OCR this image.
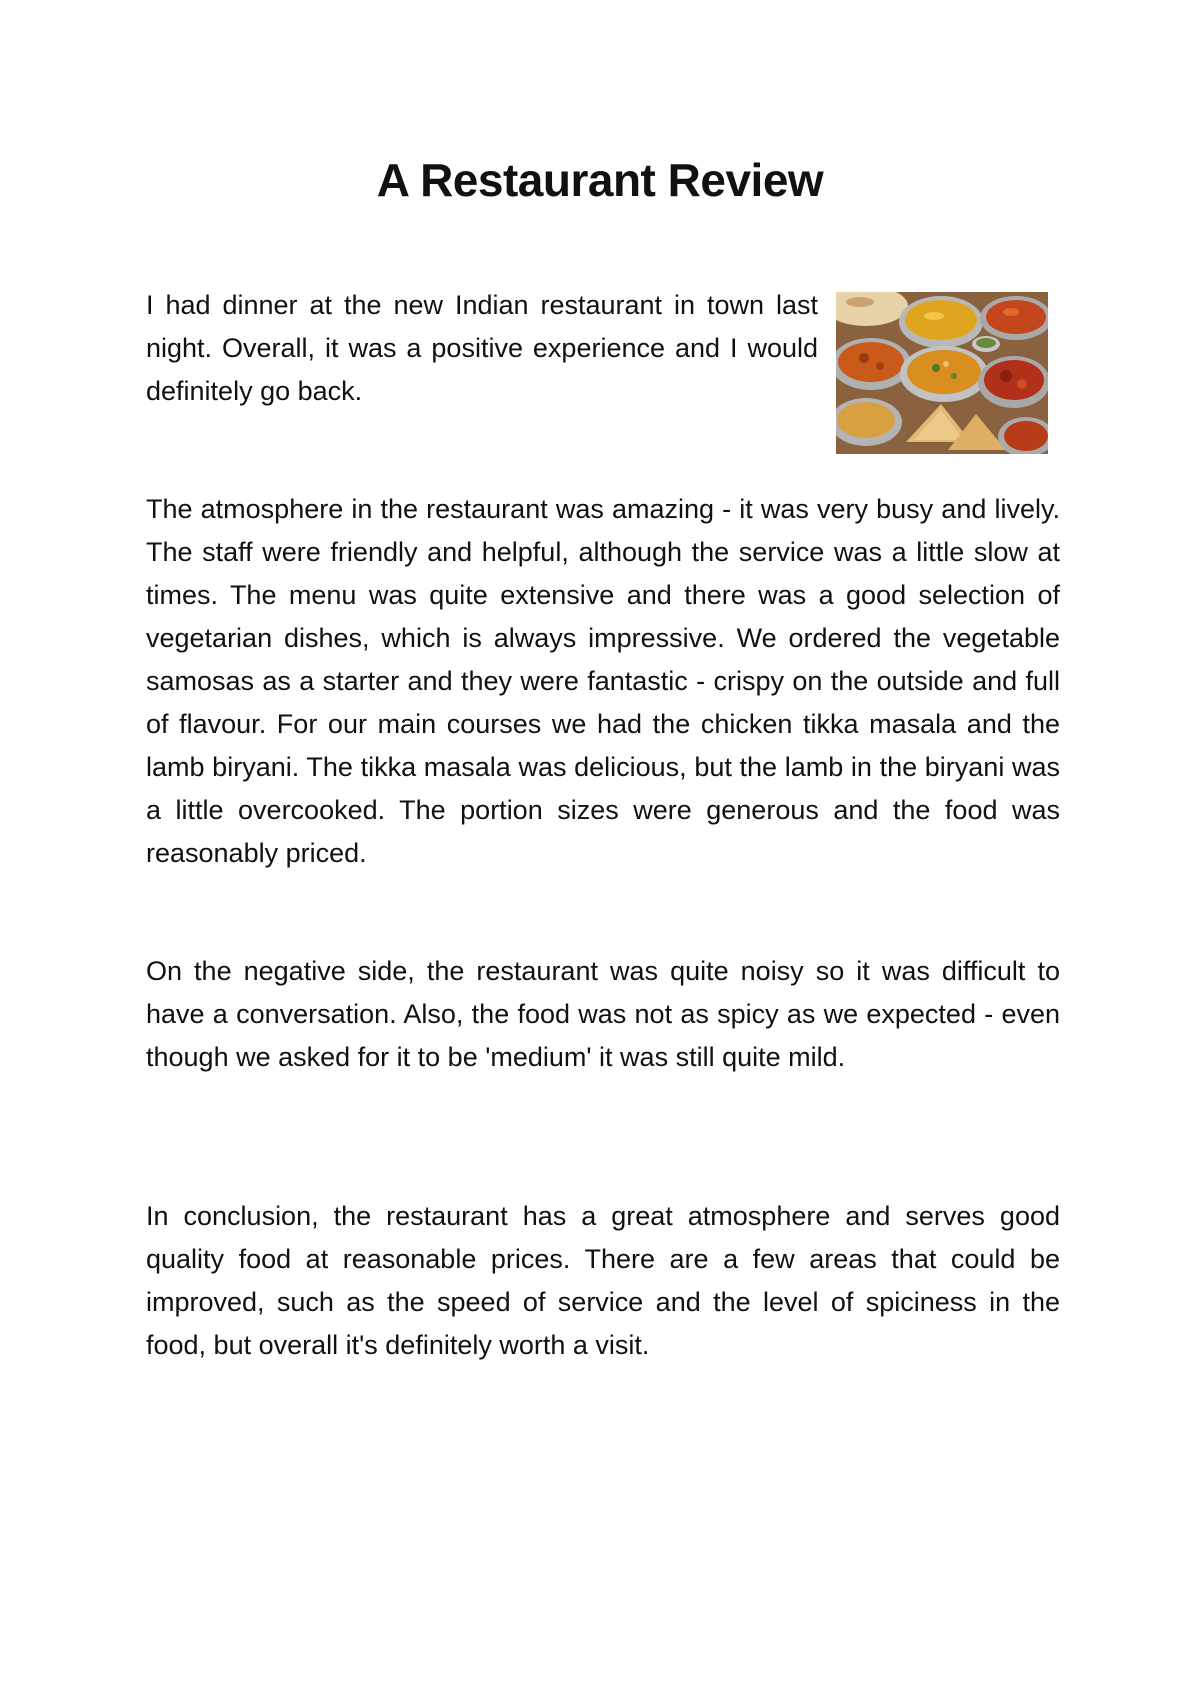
A Restaurant Review

I had dinner at the new Indian restaurant in town last night. Overall, it was a positive experience and I would definitely go back.

The atmosphere in the restaurant was amazing - it was very busy and lively. The staff were friendly and helpful, although the service was a little slow at times. The menu was quite extensive and there was a good selection of vegetarian dishes, which is always impressive. We ordered the vegetable samosas as a starter and they were fantastic - crispy on the outside and full of flavour. For our main courses we had the chicken tikka masala and the lamb biryani. The tikka masala was delicious, but the lamb in the biryani was a little overcooked. The portion sizes were generous and the food was reasonably priced.

On the negative side, the restaurant was quite noisy so it was difficult to have a conversation. Also, the food was not as spicy as we expected - even though we asked for it to be 'medium' it was still quite mild.

In conclusion, the restaurant has a great atmosphere and serves good quality food at reasonable prices. There are a few areas that could be improved, such as the speed of service and the level of spiciness in the food, but overall it's definitely worth a visit.
